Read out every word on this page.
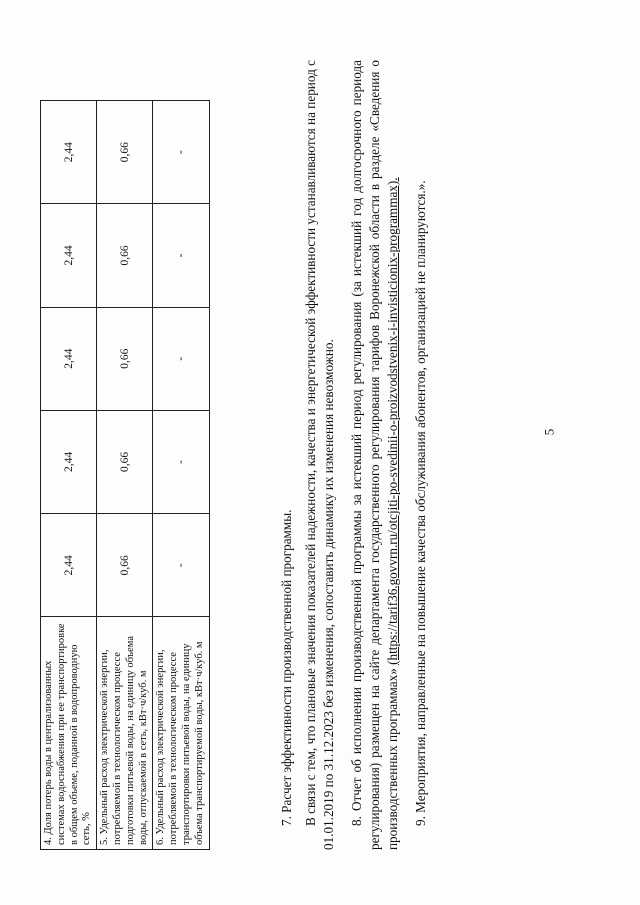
5
4. Доля потерь воды в централизованных системах водоснабжения при ее транспортировке в общем объеме, поданной в водопроводную сеть, %	2,44	2,44	2,44	2,44	2,44
5. Удельный расход электрической энергии, потребляемой в технологическом процессе подготовки питьевой воды, на единицу объема воды, отпускаемой в сеть, кВт·ч/куб. м	0,66	0,66	0,66	0,66	0,66
6. Удельный расход электрической энергии, потребляемой в технологическом процессе транспортировки питьевой воды, на единицу объема транспортируемой воды, кВт·ч/куб. м	-	-	-	-	-

7. Расчет эффективности производственной программы. В связи с тем, что плановые значения показателей надежности, качества и энергетической эффективности устанавливаются на период с 01.01.2019 по 31.12.2023 без изменения, сопоставить динамику их изменения невозможно. 8. Отчет об исполнении производственной программы за истекший период регулирования (за истекший год долгосрочного периода регулирования) размещен на сайте департамента государственного регулирования тарифов Воронежской области в разделе «Сведения о производственных программах» (https://tarif36.govvrn.ru/otcjiti-po-svedinii-o-proizvodstvenix-i-invisticionix-programmax). 9. Мероприятия, направленные на повышение качества обслуживания абонентов, организацией не планируются.».
